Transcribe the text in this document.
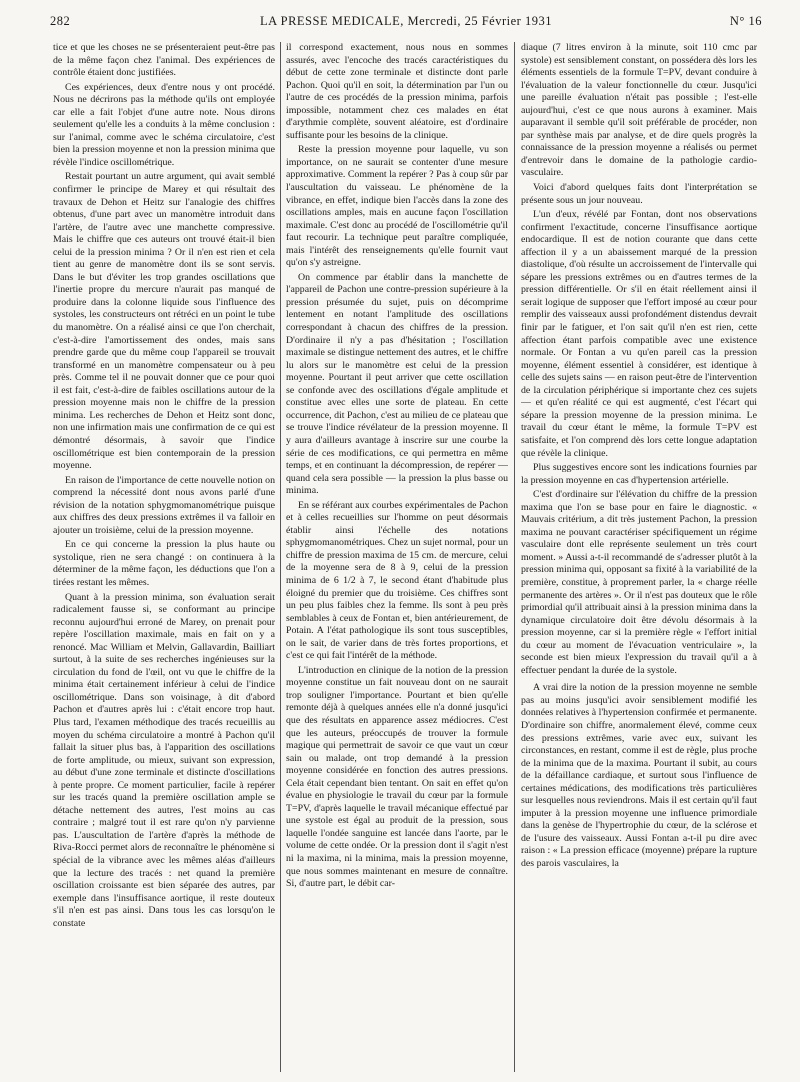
282	LA PRESSE MEDICALE, Mercredi, 25 Février 1931	N° 16

tice et que les choses ne se présenteraient peut-être pas de la même façon chez l'animal. Des expériences de contrôle étaient donc justifiées.

Ces expériences, deux d'entre nous y ont procédé. Nous ne décrirons pas la méthode qu'ils ont employée car elle a fait l'objet d'une autre note. Nous dirons seulement qu'elle les a conduits à la même conclusion : sur l'animal, comme avec le schéma circulatoire, c'est bien la pression moyenne et non la pression minima que révèle l'indice oscillométrique.

Restait pourtant un autre argument, qui avait semblé confirmer le principe de Marey et qui résultait des travaux de Dehon et Heitz sur l'analogie des chiffres obtenus, d'une part avec un manomètre introduit dans l'artère, de l'autre avec une manchette compressive. Mais le chiffre que ces auteurs ont trouvé était-il bien celui de la pression minima ? Or il n'en est rien et cela tient au genre de manomètre dont ils se sont servis. Dans le but d'éviter les trop grandes oscillations que l'inertie propre du mercure n'aurait pas manqué de produire dans la colonne liquide sous l'influence des systoles, les constructeurs ont rétréci en un point le tube du manomètre. On a réalisé ainsi ce que l'on cherchait, c'est-à-dire l'amortissement des ondes, mais sans prendre garde que du même coup l'appareil se trouvait transformé en un manomètre compensateur ou à peu près. Comme tel il ne pouvait donner que ce pour quoi il est fait, c'est-à-dire de faibles oscillations autour de la pression moyenne mais non le chiffre de la pression minima. Les recherches de Dehon et Heitz sont donc, non une infirmation mais une confirmation de ce qui est démontré désormais, à savoir que l'indice oscillométrique est bien contemporain de la pression moyenne.

En raison de l'importance de cette nouvelle notion on comprend la nécessité dont nous avons parlé d'une révision de la notation sphygmomanométrique puisque aux chiffres des deux pressions extrêmes il va falloir en ajouter un troisième, celui de la pression moyenne.

En ce qui concerne la pression la plus haute ou systolique, rien ne sera changé : on continuera à la déterminer de la même façon, les déductions que l'on a tirées restant les mêmes.

Quant à la pression minima, son évaluation serait radicalement fausse si, se conformant au principe reconnu aujourd'hui erroné de Marey, on prenait pour repère l'oscillation maximale, mais en fait on y a renoncé. Mac William et Melvin, Gallavardin, Bailliart surtout, à la suite de ses recherches ingénieuses sur la circulation du fond de l'œil, ont vu que le chiffre de la minima était certainement inférieur à celui de l'indice oscillométrique. Dans son voisinage, à dit d'abord Pachon et d'autres après lui : c'était encore trop haut. Plus tard, l'examen méthodique des tracés recueillis au moyen du schéma circulatoire a montré à Pachon qu'il fallait la situer plus bas, à l'apparition des oscillations de forte amplitude, ou mieux, suivant son expression, au début d'une zone terminale et distincte d'oscillations à pente propre. Ce moment particulier, facile à repérer sur les tracés quand la première oscillation ample se détache nettement des autres, l'est moins au cas contraire ; malgré tout il est rare qu'on n'y parvienne pas. L'auscultation de l'artère d'après la méthode de Riva-Rocci permet alors de reconnaître le phénomène si spécial de la vibrance avec les mêmes aléas d'ailleurs que la lecture des tracés : net quand la première oscillation croissante est bien séparée des autres, par exemple dans l'insuffisance aortique, il reste douteux s'il n'en est pas ainsi. Dans tous les cas lorsqu'on le constate

il correspond exactement, nous nous en sommes assurés, avec l'encoche des tracés caractéristiques du début de cette zone terminale et distincte dont parle Pachon. Quoi qu'il en soit, la détermination par l'un ou l'autre de ces procédés de la pression minima, parfois impossible, notamment chez ces malades en état d'arythmie complète, souvent aléatoire, est d'ordinaire suffisante pour les besoins de la clinique.

Reste la pression moyenne pour laquelle, vu son importance, on ne saurait se contenter d'une mesure approximative. Comment la repérer ? Pas à coup sûr par l'auscultation du vaisseau. Le phénomène de la vibrance, en effet, indique bien l'accès dans la zone des oscillations amples, mais en aucune façon l'oscillation maximale. C'est donc au procédé de l'oscillométrie qu'il faut recourir. La technique peut paraître compliquée, mais l'intérêt des renseignements qu'elle fournit vaut qu'on s'y astreigne.

On commence par établir dans la manchette de l'appareil de Pachon une contre-pression supérieure à la pression présumée du sujet, puis on décomprime lentement en notant l'amplitude des oscillations correspondant à chacun des chiffres de la pression. D'ordinaire il n'y a pas d'hésitation ; l'oscillation maximale se distingue nettement des autres, et le chiffre lu alors sur le manomètre est celui de la pression moyenne. Pourtant il peut arriver que cette oscillation se confonde avec des oscillations d'égale amplitude et constitue avec elles une sorte de plateau. En cette occurrence, dit Pachon, c'est au milieu de ce plateau que se trouve l'indice révélateur de la pression moyenne. Il y aura d'ailleurs avantage à inscrire sur une courbe la série de ces modifications, ce qui permettra en même temps, et en continuant la décompression, de repérer — quand cela sera possible — la pression la plus basse ou minima.

En se référant aux courbes expérimentales de Pachon et à celles recueillies sur l'homme on peut désormais établir ainsi l'échelle des notations sphygmomanométriques. Chez un sujet normal, pour un chiffre de pression maxima de 15 cm. de mercure, celui de la moyenne sera de 8 à 9, celui de la pression minima de 6 1/2 à 7, le second étant d'habitude plus éloigné du premier que du troisième. Ces chiffres sont un peu plus faibles chez la femme. Ils sont à peu près semblables à ceux de Fontan et, bien antérieurement, de Potain. A l'état pathologique ils sont tous susceptibles, on le sait, de varier dans de très fortes proportions, et c'est ce qui fait l'intérêt de la méthode.

L'introduction en clinique de la notion de la pression moyenne constitue un fait nouveau dont on ne saurait trop souligner l'importance. Pourtant et bien qu'elle remonte déjà à quelques années elle n'a donné jusqu'ici que des résultats en apparence assez médiocres. C'est que les auteurs, préoccupés de trouver la formule magique qui permettrait de savoir ce que vaut un cœur sain ou malade, ont trop demandé à la pression moyenne considérée en fonction des autres pressions. Cela était cependant bien tentant. On sait en effet qu'on évalue en physiologie le travail du cœur par la formule T=PV, d'après laquelle le travail mécanique effectué par une systole est égal au produit de la pression, sous laquelle l'ondée sanguine est lancée dans l'aorte, par le volume de cette ondée. Or la pression dont il s'agit n'est ni la maxima, ni la minima, mais la pression moyenne, que nous sommes maintenant en mesure de connaître. Si, d'autre part, le débit car-

diaque (7 litres environ à la minute, soit 110 cmc par systole) est sensiblement constant, on possédera dès lors les éléments essentiels de la formule T=PV, devant conduire à l'évaluation de la valeur fonctionnelle du cœur. Jusqu'ici une pareille évaluation n'était pas possible ; l'est-elle aujourd'hui, c'est ce que nous aurons à examiner. Mais auparavant il semble qu'il soit préférable de procéder, non par synthèse mais par analyse, et de dire quels progrès la connaissance de la pression moyenne a réalisés ou permet d'entrevoir dans le domaine de la pathologie cardio-vasculaire.

Voici d'abord quelques faits dont l'interprétation se présente sous un jour nouveau.

L'un d'eux, révélé par Fontan, dont nos observations confirment l'exactitude, concerne l'insuffisance aortique endocardique. Il est de notion courante que dans cette affection il y a un abaissement marqué de la pression diastolique, d'où résulte un accroissement de l'intervalle qui sépare les pressions extrêmes ou en d'autres termes de la pression différentielle. Or s'il en était réellement ainsi il serait logique de supposer que l'effort imposé au cœur pour remplir des vaisseaux aussi profondément distendus devrait finir par le fatiguer, et l'on sait qu'il n'en est rien, cette affection étant parfois compatible avec une existence normale. Or Fontan a vu qu'en pareil cas la pression moyenne, élément essentiel à considérer, est identique à celle des sujets sains — en raison peut-être de l'intervention de la circulation périphérique si importante chez ces sujets — et qu'en réalité ce qui est augmenté, c'est l'écart qui sépare la pression moyenne de la pression minima. Le travail du cœur étant le même, la formule T=PV est satisfaite, et l'on comprend dès lors cette longue adaptation que révèle la clinique.

Plus suggestives encore sont les indications fournies par la pression moyenne en cas d'hypertension artérielle.

C'est d'ordinaire sur l'élévation du chiffre de la pression maxima que l'on se base pour en faire le diagnostic. « Mauvais critérium, a dit très justement Pachon, la pression maxima ne pouvant caractériser spécifiquement un régime vasculaire dont elle représente seulement un très court moment. » Aussi a-t-il recommandé de s'adresser plutôt à la pression minima qui, opposant sa fixité à la variabilité de la première, constitue, à proprement parler, la « charge réelle permanente des artères ». Or il n'est pas douteux que le rôle primordial qu'il attribuait ainsi à la pression minima dans la dynamique circulatoire doit être dévolu désormais à la pression moyenne, car si la première règle « l'effort initial du cœur au moment de l'évacuation ventriculaire », la seconde est bien mieux l'expression du travail qu'il a à effectuer pendant la durée de la systole.

A vrai dire la notion de la pression moyenne ne semble pas au moins jusqu'ici avoir sensiblement modifié les données relatives à l'hypertension confirmée et permanente. D'ordinaire son chiffre, anormalement élevé, comme ceux des pressions extrêmes, varie avec eux, suivant les circonstances, en restant, comme il est de règle, plus proche de la minima que de la maxima. Pourtant il subit, au cours de la défaillance cardiaque, et surtout sous l'influence de certaines médications, des modifications très particulières sur lesquelles nous reviendrons. Mais il est certain qu'il faut imputer à la pression moyenne une influence primordiale dans la genèse de l'hypertrophie du cœur, de la sclérose et de l'usure des vaisseaux. Aussi Fontan a-t-il pu dire avec raison : « La pression efficace (moyenne) prépare la rupture des parois vasculaires, la
